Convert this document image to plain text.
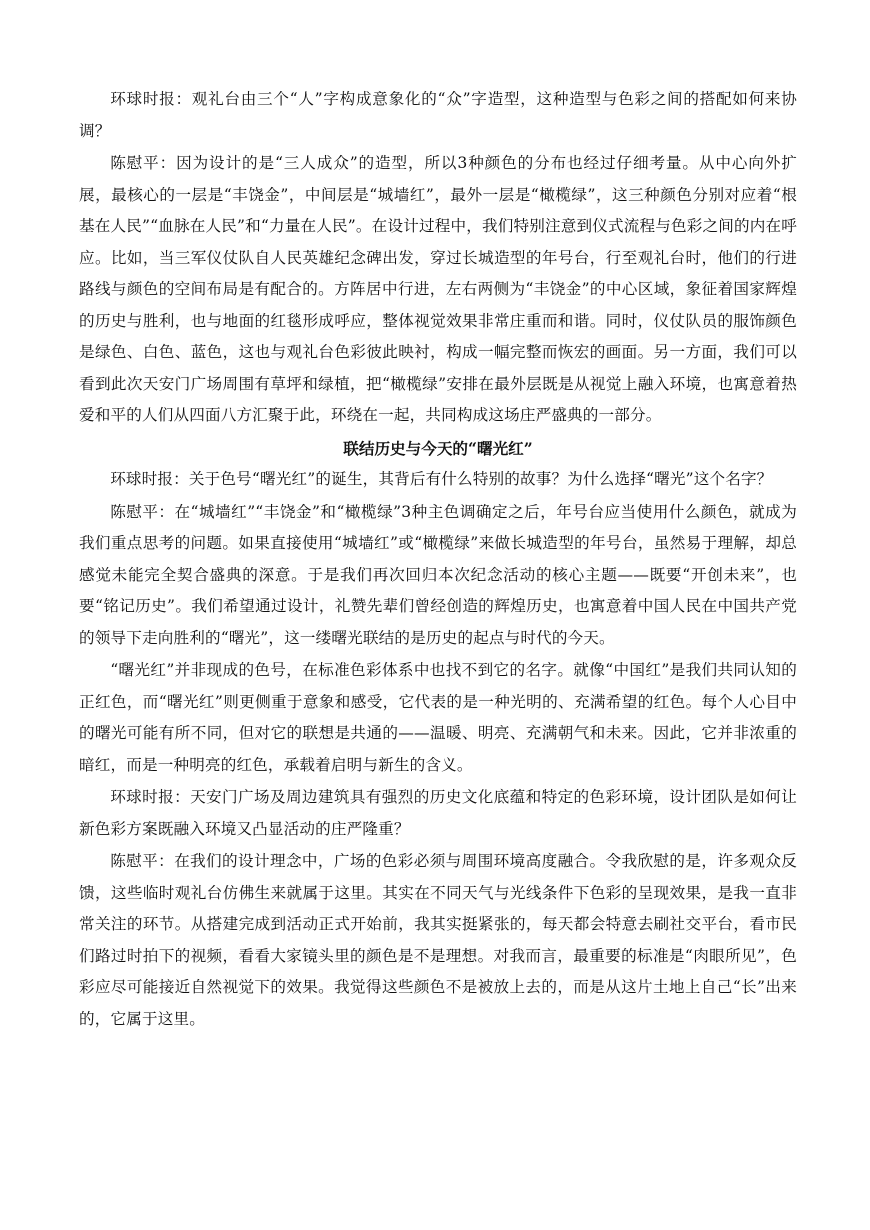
环球时报：观礼台由三个“人”字构成意象化的“众”字造型，这种造型与色彩之间的搭配如何来协调？

陈慰平：因为设计的是“三人成众”的造型，所以3种颜色的分布也经过仔细考量。从中心向外扩展，最核心的一层是“丰饶金”，中间层是“城墙红”，最外一层是“橄榄绿”，这三种颜色分别对应着“根基在人民”“血脉在人民”和“力量在人民”。在设计过程中，我们特别注意到仪式流程与色彩之间的内在呼应。比如，当三军仪仗队自人民英雄纪念碑出发，穿过长城造型的年号台，行至观礼台时，他们的行进路线与颜色的空间布局是有配合的。方阵居中行进，左右两侧为“丰饶金”的中心区域，象征着国家辉煌的历史与胜利，也与地面的红毯形成呼应，整体视觉效果非常庄重而和谐。同时，仪仗队员的服饰颜色是绿色、白色、蓝色，这也与观礼台色彩彼此映衬，构成一幅完整而恢宏的画面。另一方面，我们可以看到此次天安门广场周围有草坪和绿植，把“橄榄绿”安排在最外层既是从视觉上融入环境，也寓意着热爱和平的人们从四面八方汇聚于此，环绕在一起，共同构成这场庄严盛典的一部分。

联结历史与今天的“曙光红”

环球时报：关于色号“曙光红”的诞生，其背后有什么特别的故事？为什么选择“曙光”这个名字？

陈慰平：在“城墙红”“丰饶金”和“橄榄绿”3种主色调确定之后，年号台应当使用什么颜色，就成为我们重点思考的问题。如果直接使用“城墙红”或“橄榄绿”来做长城造型的年号台，虽然易于理解，却总感觉未能完全契合盛典的深意。于是我们再次回归本次纪念活动的核心主题——既要“开创未来”，也要“铭记历史”。我们希望通过设计，礼赞先辈们曾经创造的辉煌历史，也寓意着中国人民在中国共产党的领导下走向胜利的“曙光”，这一缕曙光联结的是历史的起点与时代的今天。

“曙光红”并非现成的色号，在标准色彩体系中也找不到它的名字。就像“中国红”是我们共同认知的正红色，而“曙光红”则更侧重于意象和感受，它代表的是一种光明的、充满希望的红色。每个人心目中的曙光可能有所不同，但对它的联想是共通的——温暖、明亮、充满朝气和未来。因此，它并非浓重的暗红，而是一种明亮的红色，承载着启明与新生的含义。

环球时报：天安门广场及周边建筑具有强烈的历史文化底蕴和特定的色彩环境，设计团队是如何让新色彩方案既融入环境又凸显活动的庄严隆重？

陈慰平：在我们的设计理念中，广场的色彩必须与周围环境高度融合。令我欣慰的是，许多观众反馈，这些临时观礼台仿佛生来就属于这里。其实在不同天气与光线条件下色彩的呈现效果，是我一直非常关注的环节。从搭建完成到活动正式开始前，我其实挺紧张的，每天都会特意去刷社交平台，看市民们路过时拍下的视频，看看大家镜头里的颜色是不是理想。对我而言，最重要的标准是“肉眼所见”，色彩应尽可能接近自然视觉下的效果。我觉得这些颜色不是被放上去的，而是从这片土地上自己“长”出来的，它属于这里。
